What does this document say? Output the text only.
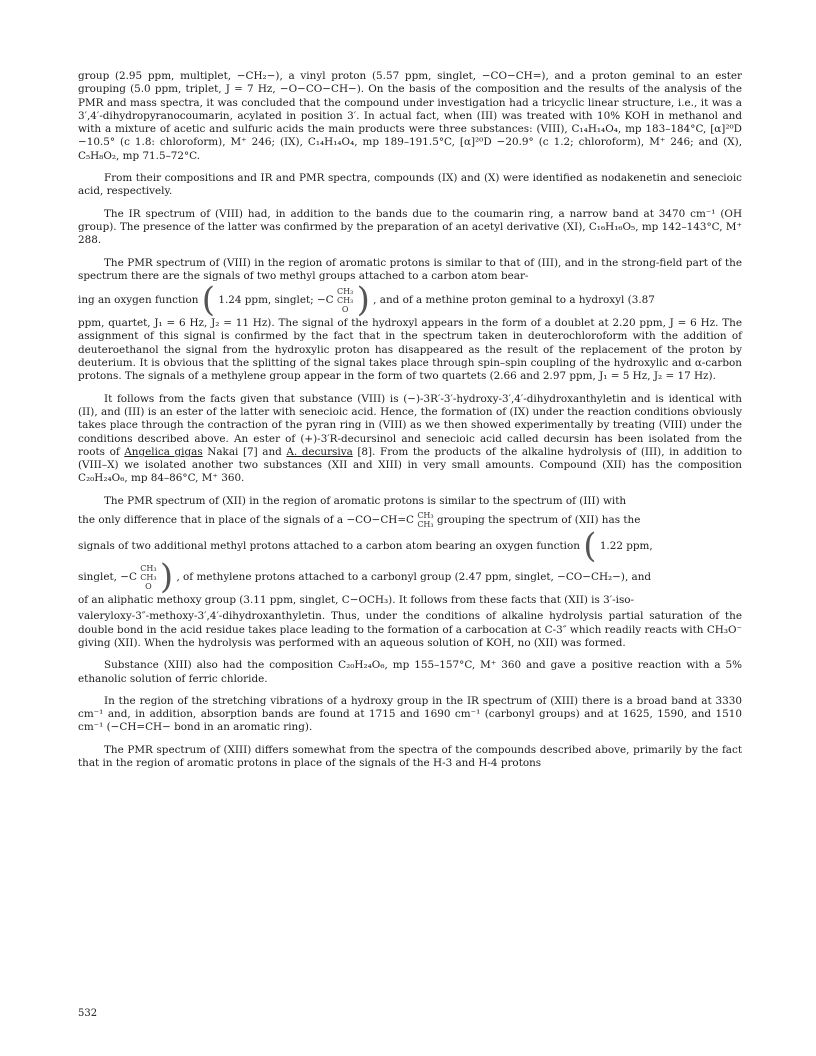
group (2.95 ppm, multiplet, −CH₂−), a vinyl proton (5.57 ppm, singlet, −CO−CH=), and a proton geminal to an ester grouping (5.0 ppm, triplet, J = 7 Hz, −O−CO−CH−). On the basis of the composition and the results of the analysis of the PMR and mass spectra, it was concluded that the compound under investigation had a tricyclic linear structure, i.e., it was a 3′,4′-dihydropyranocoumarin, acylated in position 3′. In actual fact, when (III) was treated with 10% KOH in methanol and with a mixture of acetic and sulfuric acids the main products were three substances: (VIII), C₁₄H₁₄O₄, mp 183–184°C, [α]²⁰D −10.5° (c 1.8: chloroform), M⁺ 246; (IX), C₁₄H₁₄O₄, mp 189–191.5°C, [α]²⁰D −20.9° (c 1.2; chloroform), M⁺ 246; and (X), C₅H₈O₂, mp 71.5–72°C.

From their compositions and IR and PMR spectra, compounds (IX) and (X) were identified as nodakenetin and senecioic acid, respectively.

The IR spectrum of (VIII) had, in addition to the bands due to the coumarin ring, a narrow band at 3470 cm⁻¹ (OH group). The presence of the latter was confirmed by the preparation of an acetyl derivative (XI), C₁₆H₁₆O₅, mp 142–143°C, M⁺ 288.

The PMR spectrum of (VIII) in the region of aromatic protons is similar to that of (III), and in the strong-field part of the spectrum there are the signals of two methyl groups attached to a carbon atom bear-

ing an oxygen function ( 1.24 ppm, singlet; −C CH₃
CH₃
O ) , and of a methine proton geminal to a hydroxyl (3.87

ppm, quartet, J₁ = 6 Hz, J₂ = 11 Hz). The signal of the hydroxyl appears in the form of a doublet at 2.20 ppm, J = 6 Hz. The assignment of this signal is confirmed by the fact that in the spectrum taken in deuterochloroform with the addition of deuteroethanol the signal from the hydroxylic proton has disappeared as the result of the replacement of the proton by deuterium. It is obvious that the splitting of the signal takes place through spin–spin coupling of the hydroxylic and α-carbon protons. The signals of a methylene group appear in the form of two quartets (2.66 and 2.97 ppm, J₁ = 5 Hz, J₂ = 17 Hz).

It follows from the facts given that substance (VIII) is (−)-3R′-3′-hydroxy-3′,4′-dihydroxanthyletin and is identical with (II), and (III) is an ester of the latter with senecioic acid. Hence, the formation of (IX) under the reaction conditions obviously takes place through the contraction of the pyran ring in (VIII) as we then showed experimentally by treating (VIII) under the conditions described above. An ester of (+)-3′R-decursinol and senecioic acid called decursin has been isolated from the roots of Angelica gigas Nakai [7] and A. decursiva [8]. From the products of the alkaline hydrolysis of (III), in addition to (VIII–X) we isolated another two substances (XII and XIII) in very small amounts. Compound (XII) has the composition C₂₀H₂₄O₆, mp 84–86°C, M⁺ 360.

The PMR spectrum of (XII) in the region of aromatic protons is similar to the spectrum of (III) with

the only difference that in place of the signals of a −CO−CH=C CH₃
CH₃ grouping the spectrum of (XII) has the
signals of two additional methyl protons attached to a carbon atom bearing an oxygen function ( 1.22 ppm,
singlet, −C CH₃
CH₃
O ) , of methylene protons attached to a carbonyl group (2.47 ppm, singlet, −CO−CH₂−), and
of an aliphatic methoxy group (3.11 ppm, singlet, C−OCH₃). It follows from these facts that (XII) is 3′-iso-

valeryloxy-3″-methoxy-3′,4′-dihydroxanthyletin. Thus, under the conditions of alkaline hydrolysis partial saturation of the double bond in the acid residue takes place leading to the formation of a carbocation at C-3″ which readily reacts with CH₃O⁻ giving (XII). When the hydrolysis was performed with an aqueous solution of KOH, no (XII) was formed.

Substance (XIII) also had the composition C₂₀H₂₄O₆, mp 155–157°C, M⁺ 360 and gave a positive reaction with a 5% ethanolic solution of ferric chloride.

In the region of the stretching vibrations of a hydroxy group in the IR spectrum of (XIII) there is a broad band at 3330 cm⁻¹ and, in addition, absorption bands are found at 1715 and 1690 cm⁻¹ (carbonyl groups) and at 1625, 1590, and 1510 cm⁻¹ (−CH=CH− bond in an aromatic ring).

The PMR spectrum of (XIII) differs somewhat from the spectra of the compounds described above, primarily by the fact that in the region of aromatic protons in place of the signals of the H-3 and H-4 protons

532
